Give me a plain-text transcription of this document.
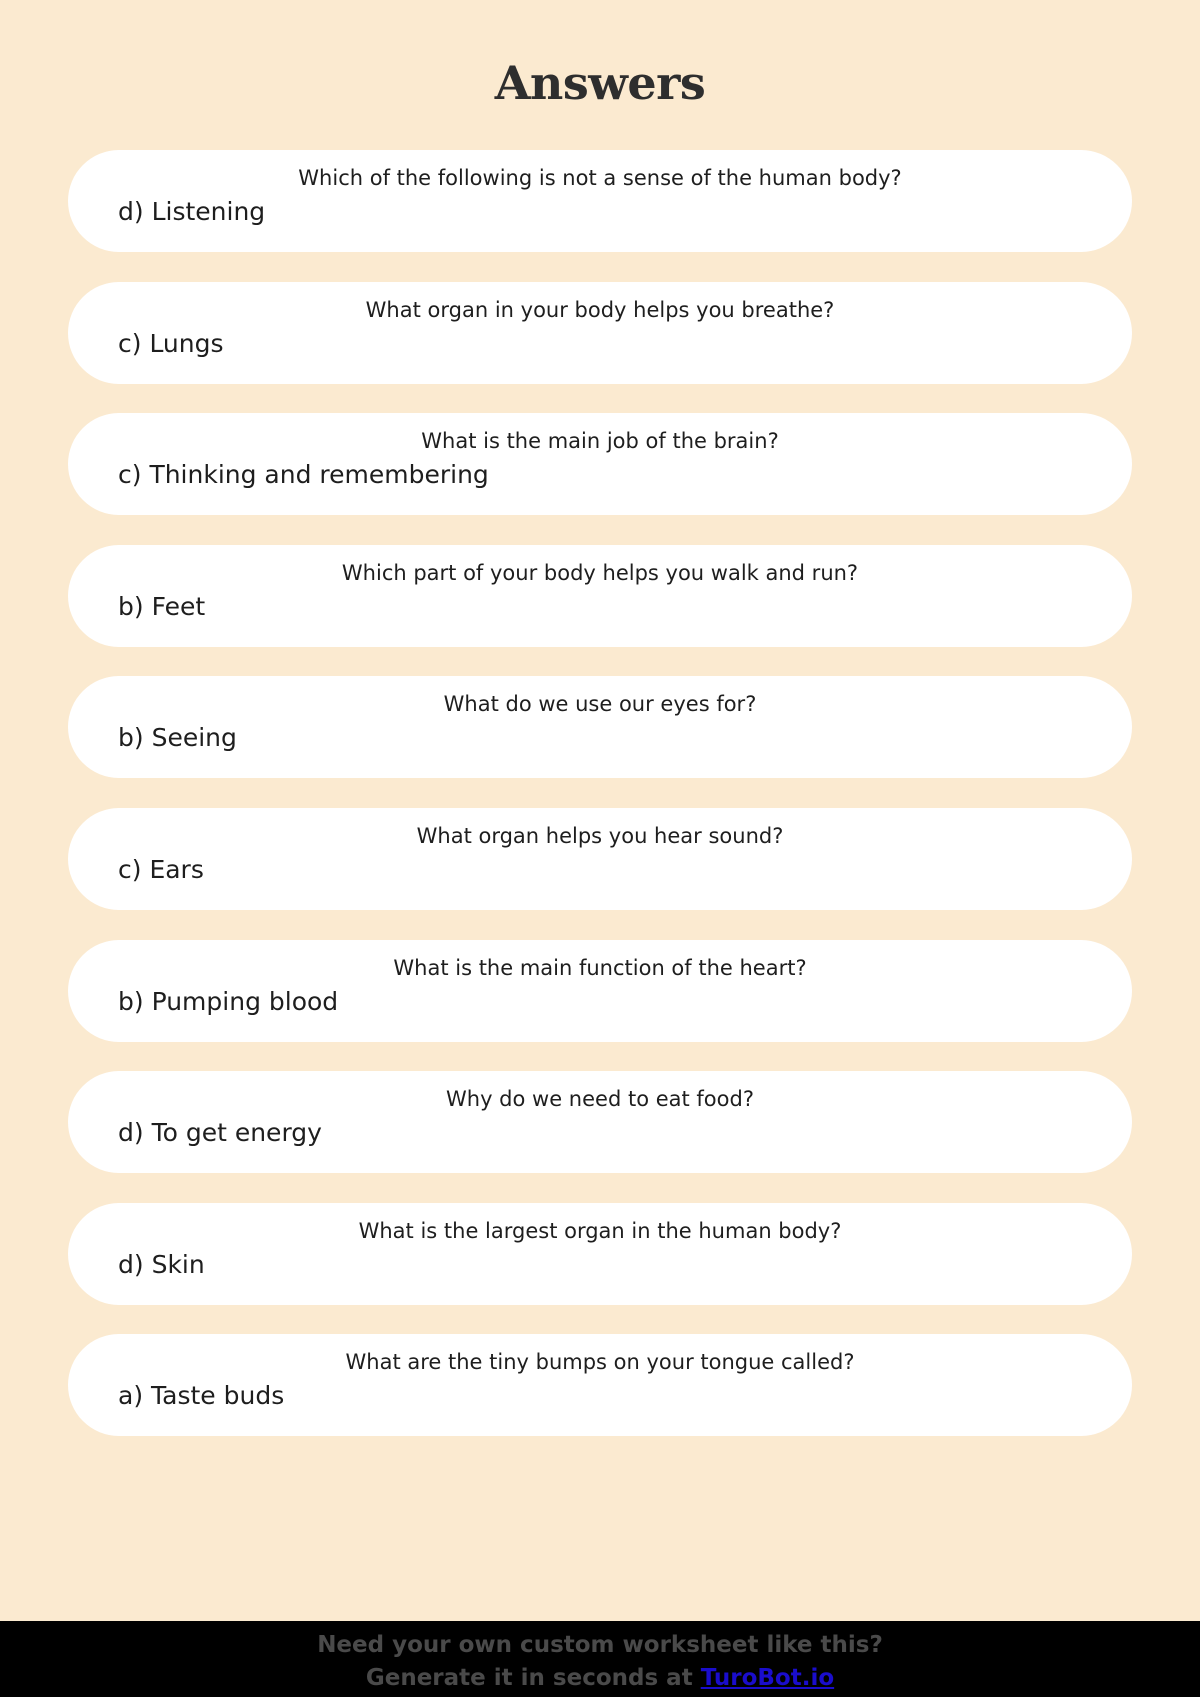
Answers
Which of the following is not a sense of the human body?
d) Listening
What organ in your body helps you breathe?
c) Lungs
What is the main job of the brain?
c) Thinking and remembering
Which part of your body helps you walk and run?
b) Feet
What do we use our eyes for?
b) Seeing
What organ helps you hear sound?
c) Ears
What is the main function of the heart?
b) Pumping blood
Why do we need to eat food?
d) To get energy
What is the largest organ in the human body?
d) Skin
What are the tiny bumps on your tongue called?
a) Taste buds
Need your own custom worksheet like this?
Generate it in seconds at TuroBot.io
